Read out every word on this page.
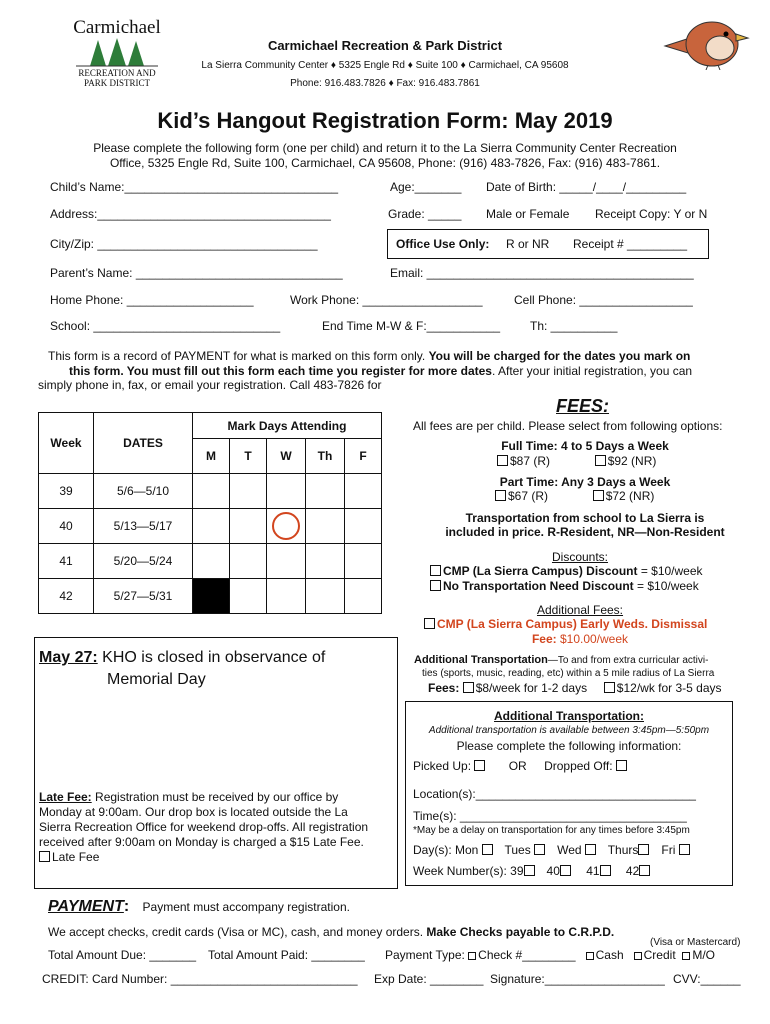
Carmichael
RECREATION AND
PARK DISTRICT
Carmichael Recreation & Park District
La Sierra Community Center ♦ 5325 Engle Rd ♦ Suite 100 ♦ Carmichael, CA 95608
Phone: 916.483.7826 ♦ Fax: 916.483.7861
Kid’s Hangout Registration Form: May 2019
Please complete the following form (one per child) and return it to the La Sierra Community Center Recreation
Office, 5325 Engle Rd, Suite 100, Carmichael, CA 95608, Phone: (916) 483-7826, Fax: (916) 483-7861.
Child’s Name:________________________________	Age:_______ Date of Birth: _____/____/_________
Address:___________________________________	Grade: _____ Male or Female Receipt Copy: Y or N
City/Zip: _________________________________	Office Use Only: R or NR Receipt # _________
Parent’s Name: _______________________________	Email: ________________________________________
Home Phone: ___________________	Work Phone: __________________	Cell Phone: _________________
School: ____________________________	End Time M-W & F:___________ Th: __________
This form is a record of PAYMENT for what is marked on this form only. You will be charged for the dates you mark on
this form. You must fill out this form each time you register for more dates. After your initial registration, you can
simply phone in, fax, or email your registration. Call 483-7826 for
Week	DATES	Mark Days Attending				
		M	T	W	Th	F
39	5/6—5/10					
40	5/13—5/17					
41	5/20—5/24					
42	5/27—5/31					
May 27: KHO is closed in observance of
Memorial Day
Late Fee: Registration must be received by our office by
Monday at 9:00am. Our drop box is located outside the La
Sierra Recreation Office for weekend drop-offs. All registration
received after 9:00am on Monday is charged a $15 Late Fee.
Late Fee
FEES:
All fees are per child. Please select from following options:
Full Time: 4 to 5 Days a Week
$87 (R)	$92 (NR)
Part Time: Any 3 Days a Week
$67 (R)	$72 (NR)
Transportation from school to La Sierra is
included in price. R-Resident, NR—Non-Resident
Discounts:
CMP (La Sierra Campus) Discount = $10/week
No Transportation Need Discount = $10/week
Additional Fees:
CMP (La Sierra Campus) Early Weds. Dismissal
Fee: $10.00/week
Additional Transportation—To and from extra curricular activi-
ties (sports, music, reading, etc) within a 5 mile radius of La Sierra
Fees: $8/week for 1-2 days $12/wk for 3-5 days
Additional Transportation:
Additional transportation is available between 3:45pm—5:50pm
Please complete the following information:
Picked Up:	OR Dropped Off:
Location(s):_________________________________
Time(s): __________________________________
*May be a delay on transportation for any times before 3:45pm
Day(s): Mon Tues Wed Thurs Fri
Week Number(s): 39 40 41 42
PAYMENT: Payment must accompany registration.
We accept checks, credit cards (Visa or MC), cash, and money orders. Make Checks payable to C.R.P.D.
(Visa or Mastercard)
Total Amount Due: _______ Total Amount Paid: ________ Payment Type: Check #________ Cash Credit M/O
CREDIT: Card Number: ____________________________ Exp Date: ________ Signature:__________________ CVV:______
